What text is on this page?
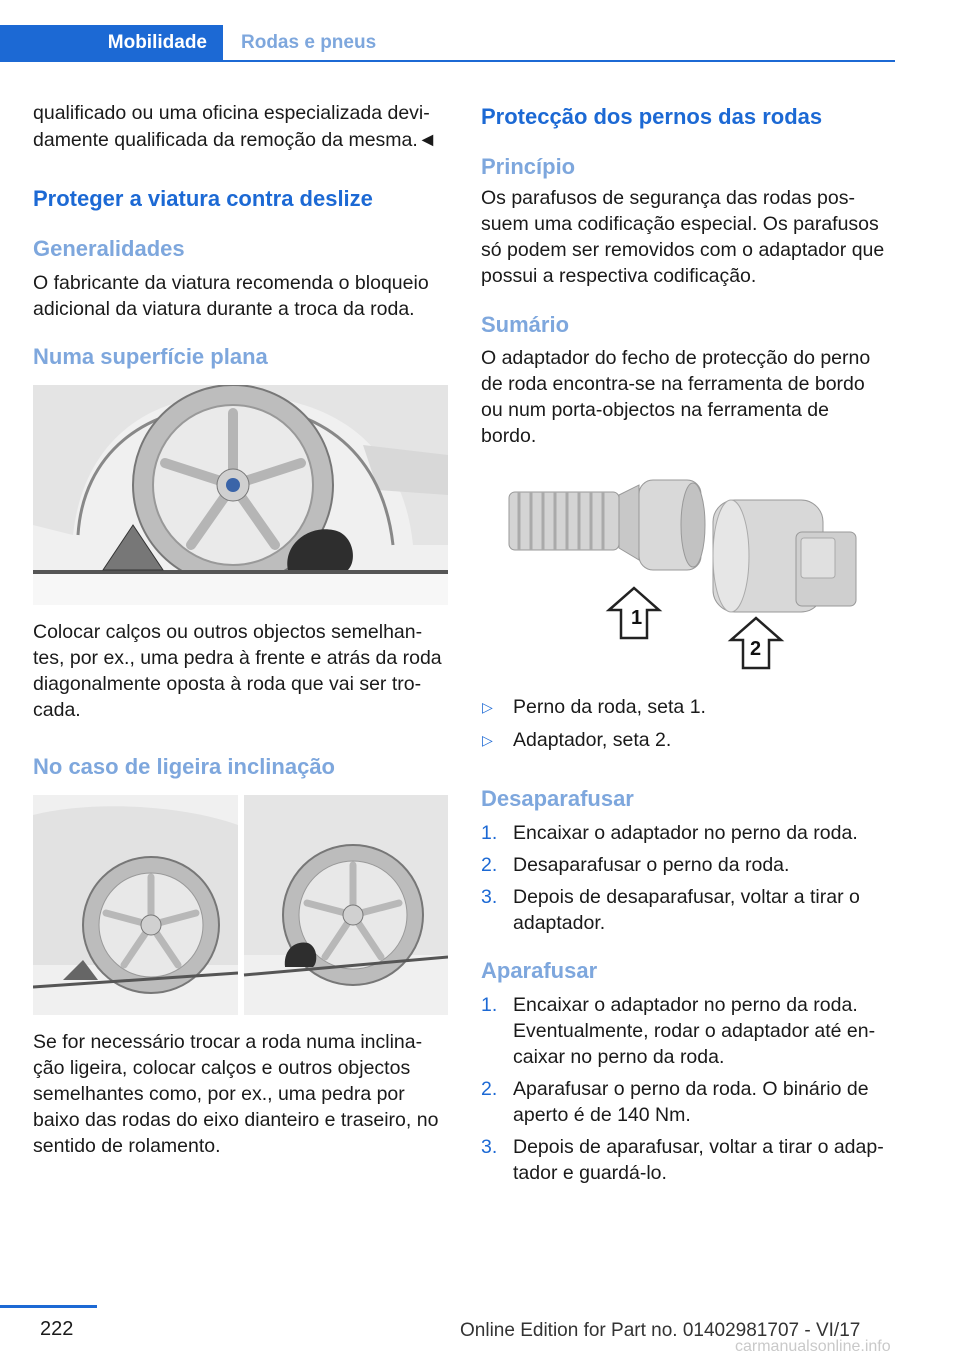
Mobilidade	Rodas e pneus
qualificado ou uma oficina especializada devi‐
damente qualificada da remoção da mesma.◄
Proteger a viatura contra deslize
Generalidades
O fabricante da viatura recomenda o bloqueio
adicional da viatura durante a troca da roda.
Numa superfície plana
Colocar calços ou outros objectos semelhan‐
tes, por ex., uma pedra à frente e atrás da roda
diagonalmente oposta à roda que vai ser tro‐
cada.
No caso de ligeira inclinação
Se for necessário trocar a roda numa inclina‐
ção ligeira, colocar calços e outros objectos
semelhantes como, por ex., uma pedra por
baixo das rodas do eixo dianteiro e traseiro, no
sentido de rolamento.
Protecção dos pernos das rodas
Princípio
Os parafusos de segurança das rodas pos‐
suem uma codificação especial. Os parafusos
só podem ser removidos com o adaptador que
possui a respectiva codificação.
Sumário
O adaptador do fecho de protecção do perno
de roda encontra-se na ferramenta de bordo
ou num porta-objectos na ferramenta de
bordo.
1
2
▷ Perno da roda, seta 1.
▷ Adaptador, seta 2.
Desaparafusar
1. Encaixar o adaptador no perno da roda.
2. Desaparafusar o perno da roda.
3. Depois de desaparafusar, voltar a tirar o
adaptador.
Aparafusar
1. Encaixar o adaptador no perno da roda.
Eventualmente, rodar o adaptador até en‐
caixar no perno da roda.
2. Aparafusar o perno da roda. O binário de
aperto é de 140 Nm.
3. Depois de aparafusar, voltar a tirar o adap‐
tador e guardá-lo.
222	Online Edition for Part no. 01402981707 - VI/17
carmanualsonline.info
